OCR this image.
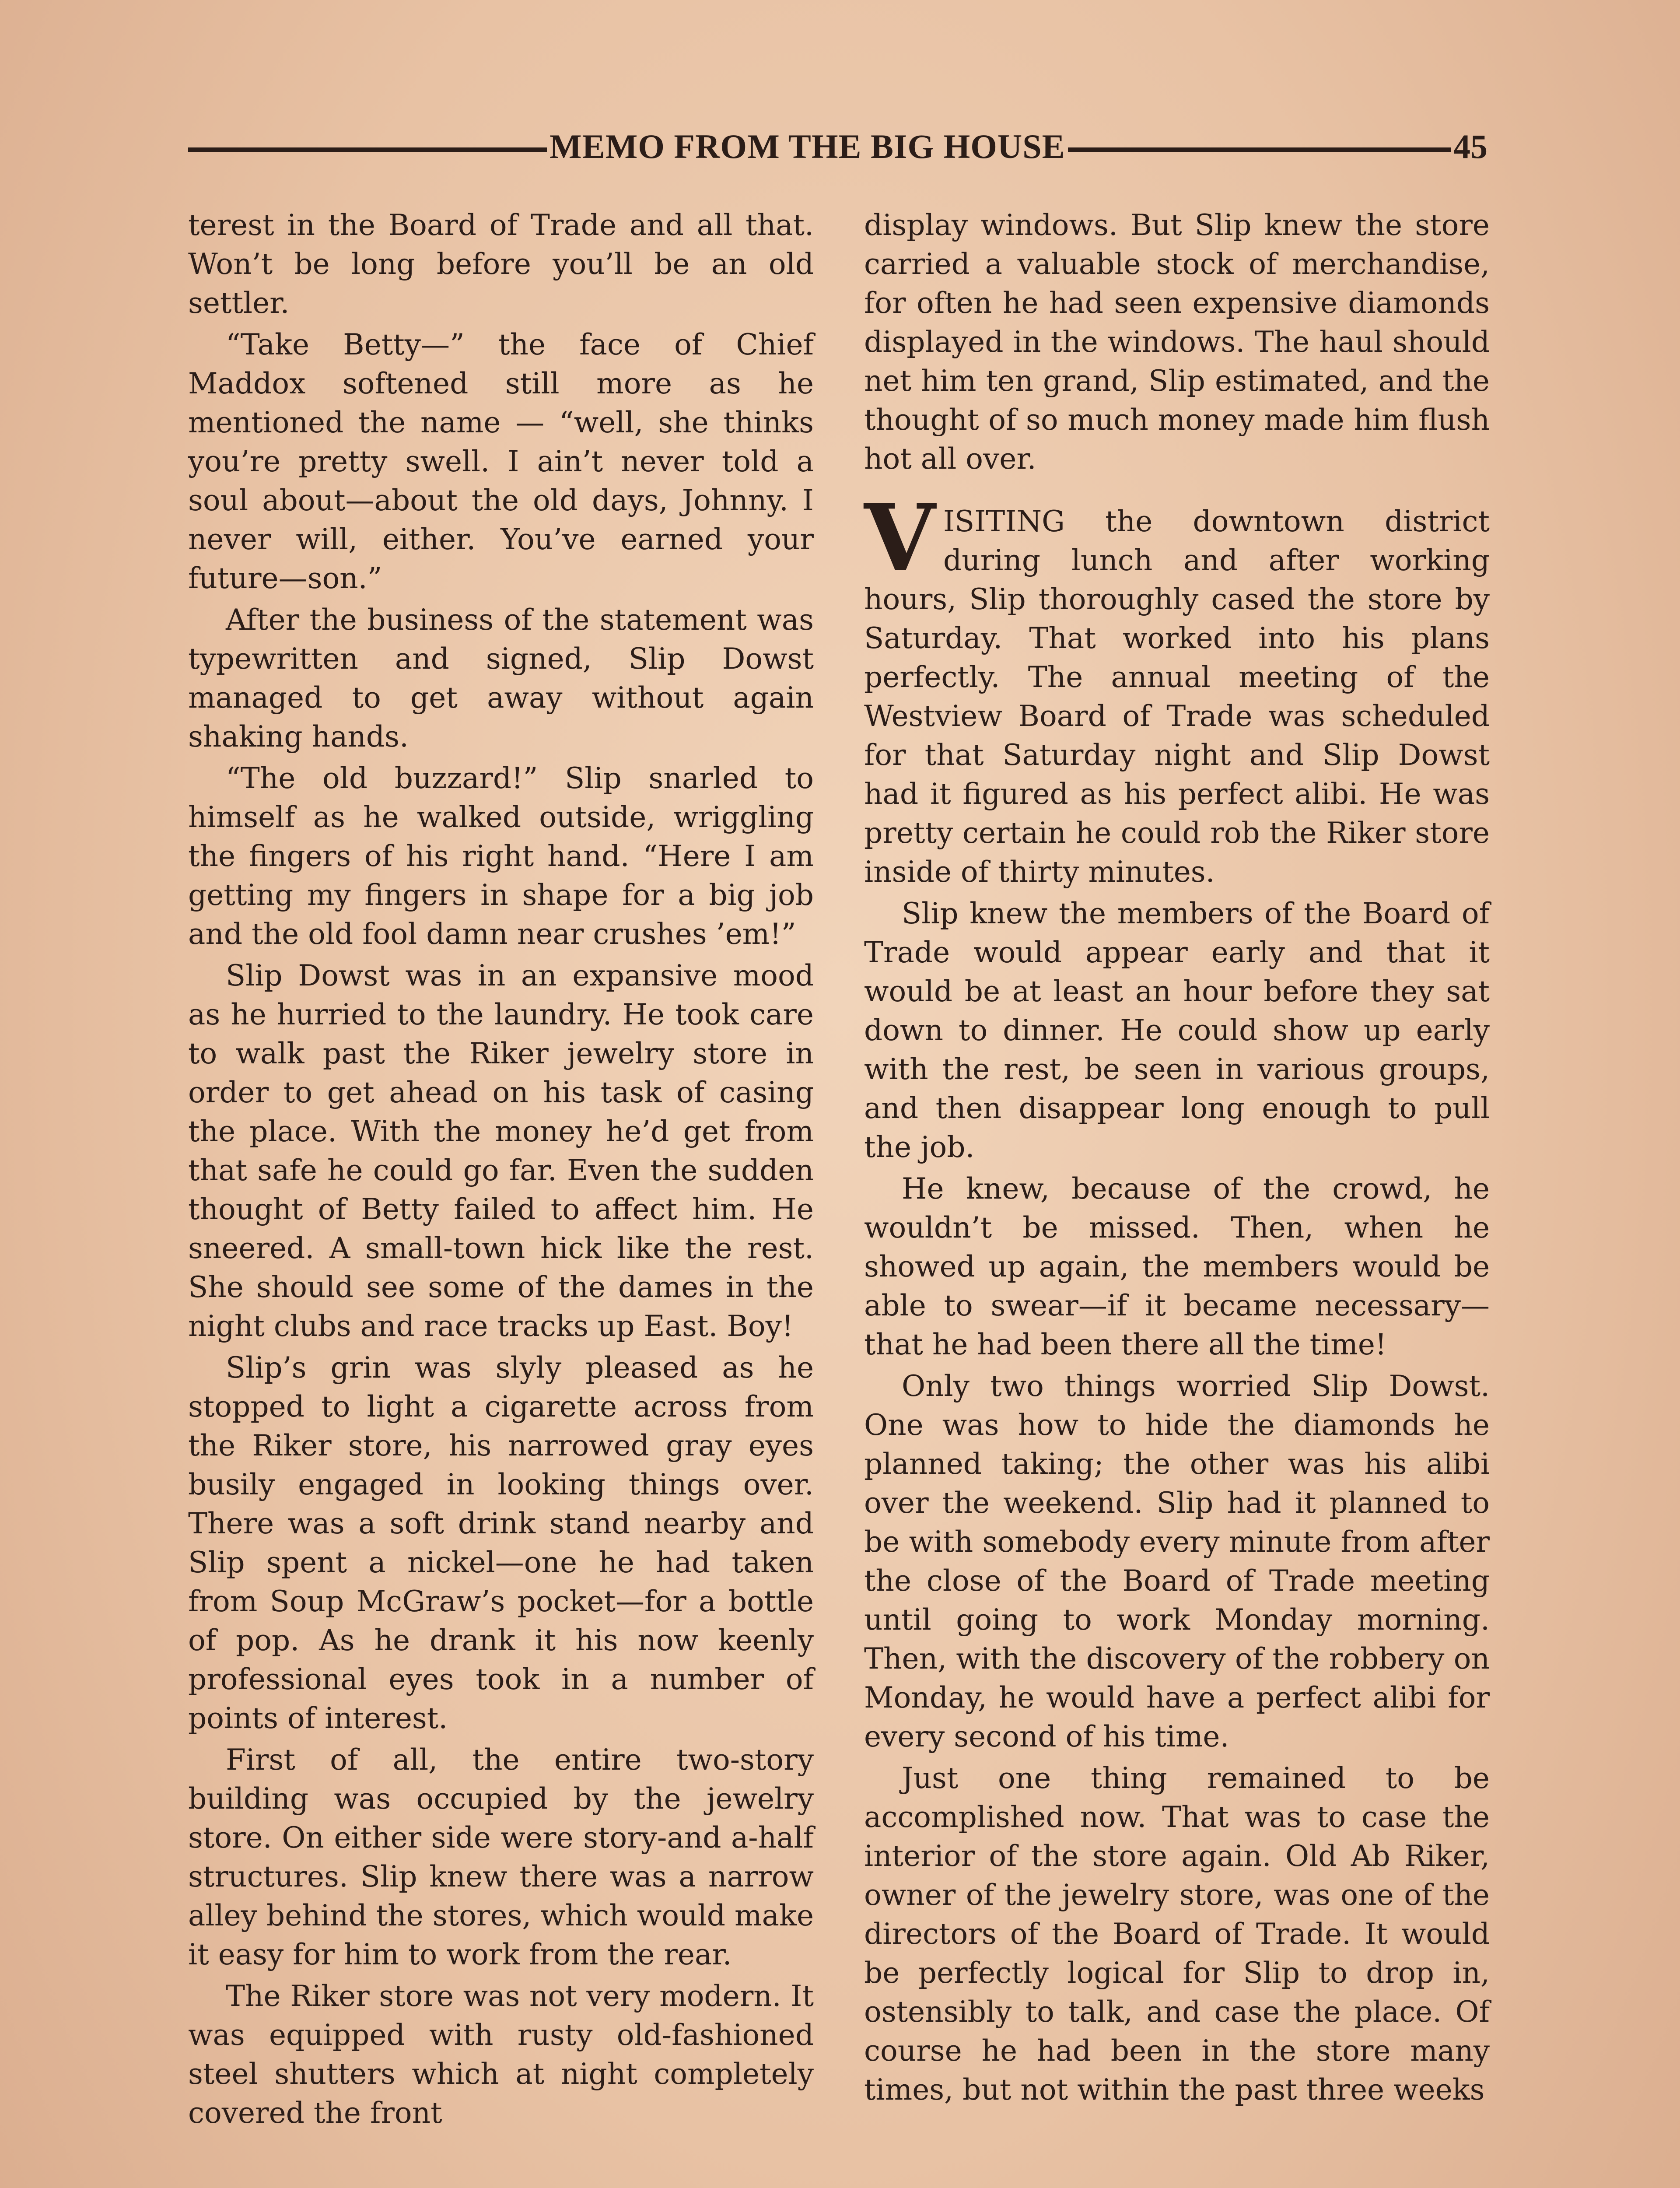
MEMO FROM THE BIG HOUSE	45

terest in the Board of Trade and all that. Won’t be long before you’ll be an old settler.

“Take Betty—” the face of Chief Maddox softened still more as he mentioned the name — “well, she thinks you’re pretty swell. I ain’t never told a soul about—about the old days, Johnny. I never will, either. You’ve earned your future—son.”

After the business of the statement was typewritten and signed, Slip Dowst managed to get away without again shaking hands.

“The old buzzard!” Slip snarled to himself as he walked outside, wriggling the fingers of his right hand. “Here I am getting my fingers in shape for a big job and the old fool damn near crushes ’em!”

Slip Dowst was in an expansive mood as he hurried to the laundry. He took care to walk past the Riker jewelry store in order to get ahead on his task of casing the place. With the money he’d get from that safe he could go far. Even the sudden thought of Betty failed to affect him. He sneered. A small-town hick like the rest. She should see some of the dames in the night clubs and race tracks up East. Boy!

Slip’s grin was slyly pleased as he stopped to light a cigarette across from the Riker store, his narrowed gray eyes busily engaged in looking things over. There was a soft drink stand nearby and Slip spent a nickel—one he had taken from Soup McGraw’s pocket—for a bottle of pop. As he drank it his now keenly professional eyes took in a number of points of interest.

First of all, the entire two-story building was occupied by the jewelry store. On either side were story-and a-half structures. Slip knew there was a narrow alley behind the stores, which would make it easy for him to work from the rear.

The Riker store was not very modern. It was equipped with rusty old-fashioned steel shutters which at night completely covered the front

display windows. But Slip knew the store carried a valuable stock of merchandise, for often he had seen expensive diamonds displayed in the windows. The haul should net him ten grand, Slip estimated, and the thought of so much money made him flush hot all over.

VISITING the downtown district during lunch and after working hours, Slip thoroughly cased the store by Saturday. That worked into his plans perfectly. The annual meeting of the Westview Board of Trade was scheduled for that Saturday night and Slip Dowst had it figured as his perfect alibi. He was pretty certain he could rob the Riker store inside of thirty minutes.

Slip knew the members of the Board of Trade would appear early and that it would be at least an hour before they sat down to dinner. He could show up early with the rest, be seen in various groups, and then disappear long enough to pull the job.

He knew, because of the crowd, he wouldn’t be missed. Then, when he showed up again, the members would be able to swear—if it became necessary—that he had been there all the time!

Only two things worried Slip Dowst. One was how to hide the diamonds he planned taking; the other was his alibi over the weekend. Slip had it planned to be with somebody every minute from after the close of the Board of Trade meeting until going to work Monday morning. Then, with the discovery of the robbery on Monday, he would have a perfect alibi for every second of his time.

Just one thing remained to be accomplished now. That was to case the interior of the store again. Old Ab Riker, owner of the jewelry store, was one of the directors of the Board of Trade. It would be perfectly logical for Slip to drop in, ostensibly to talk, and case the place. Of course he had been in the store many times, but not within the past three weeks
